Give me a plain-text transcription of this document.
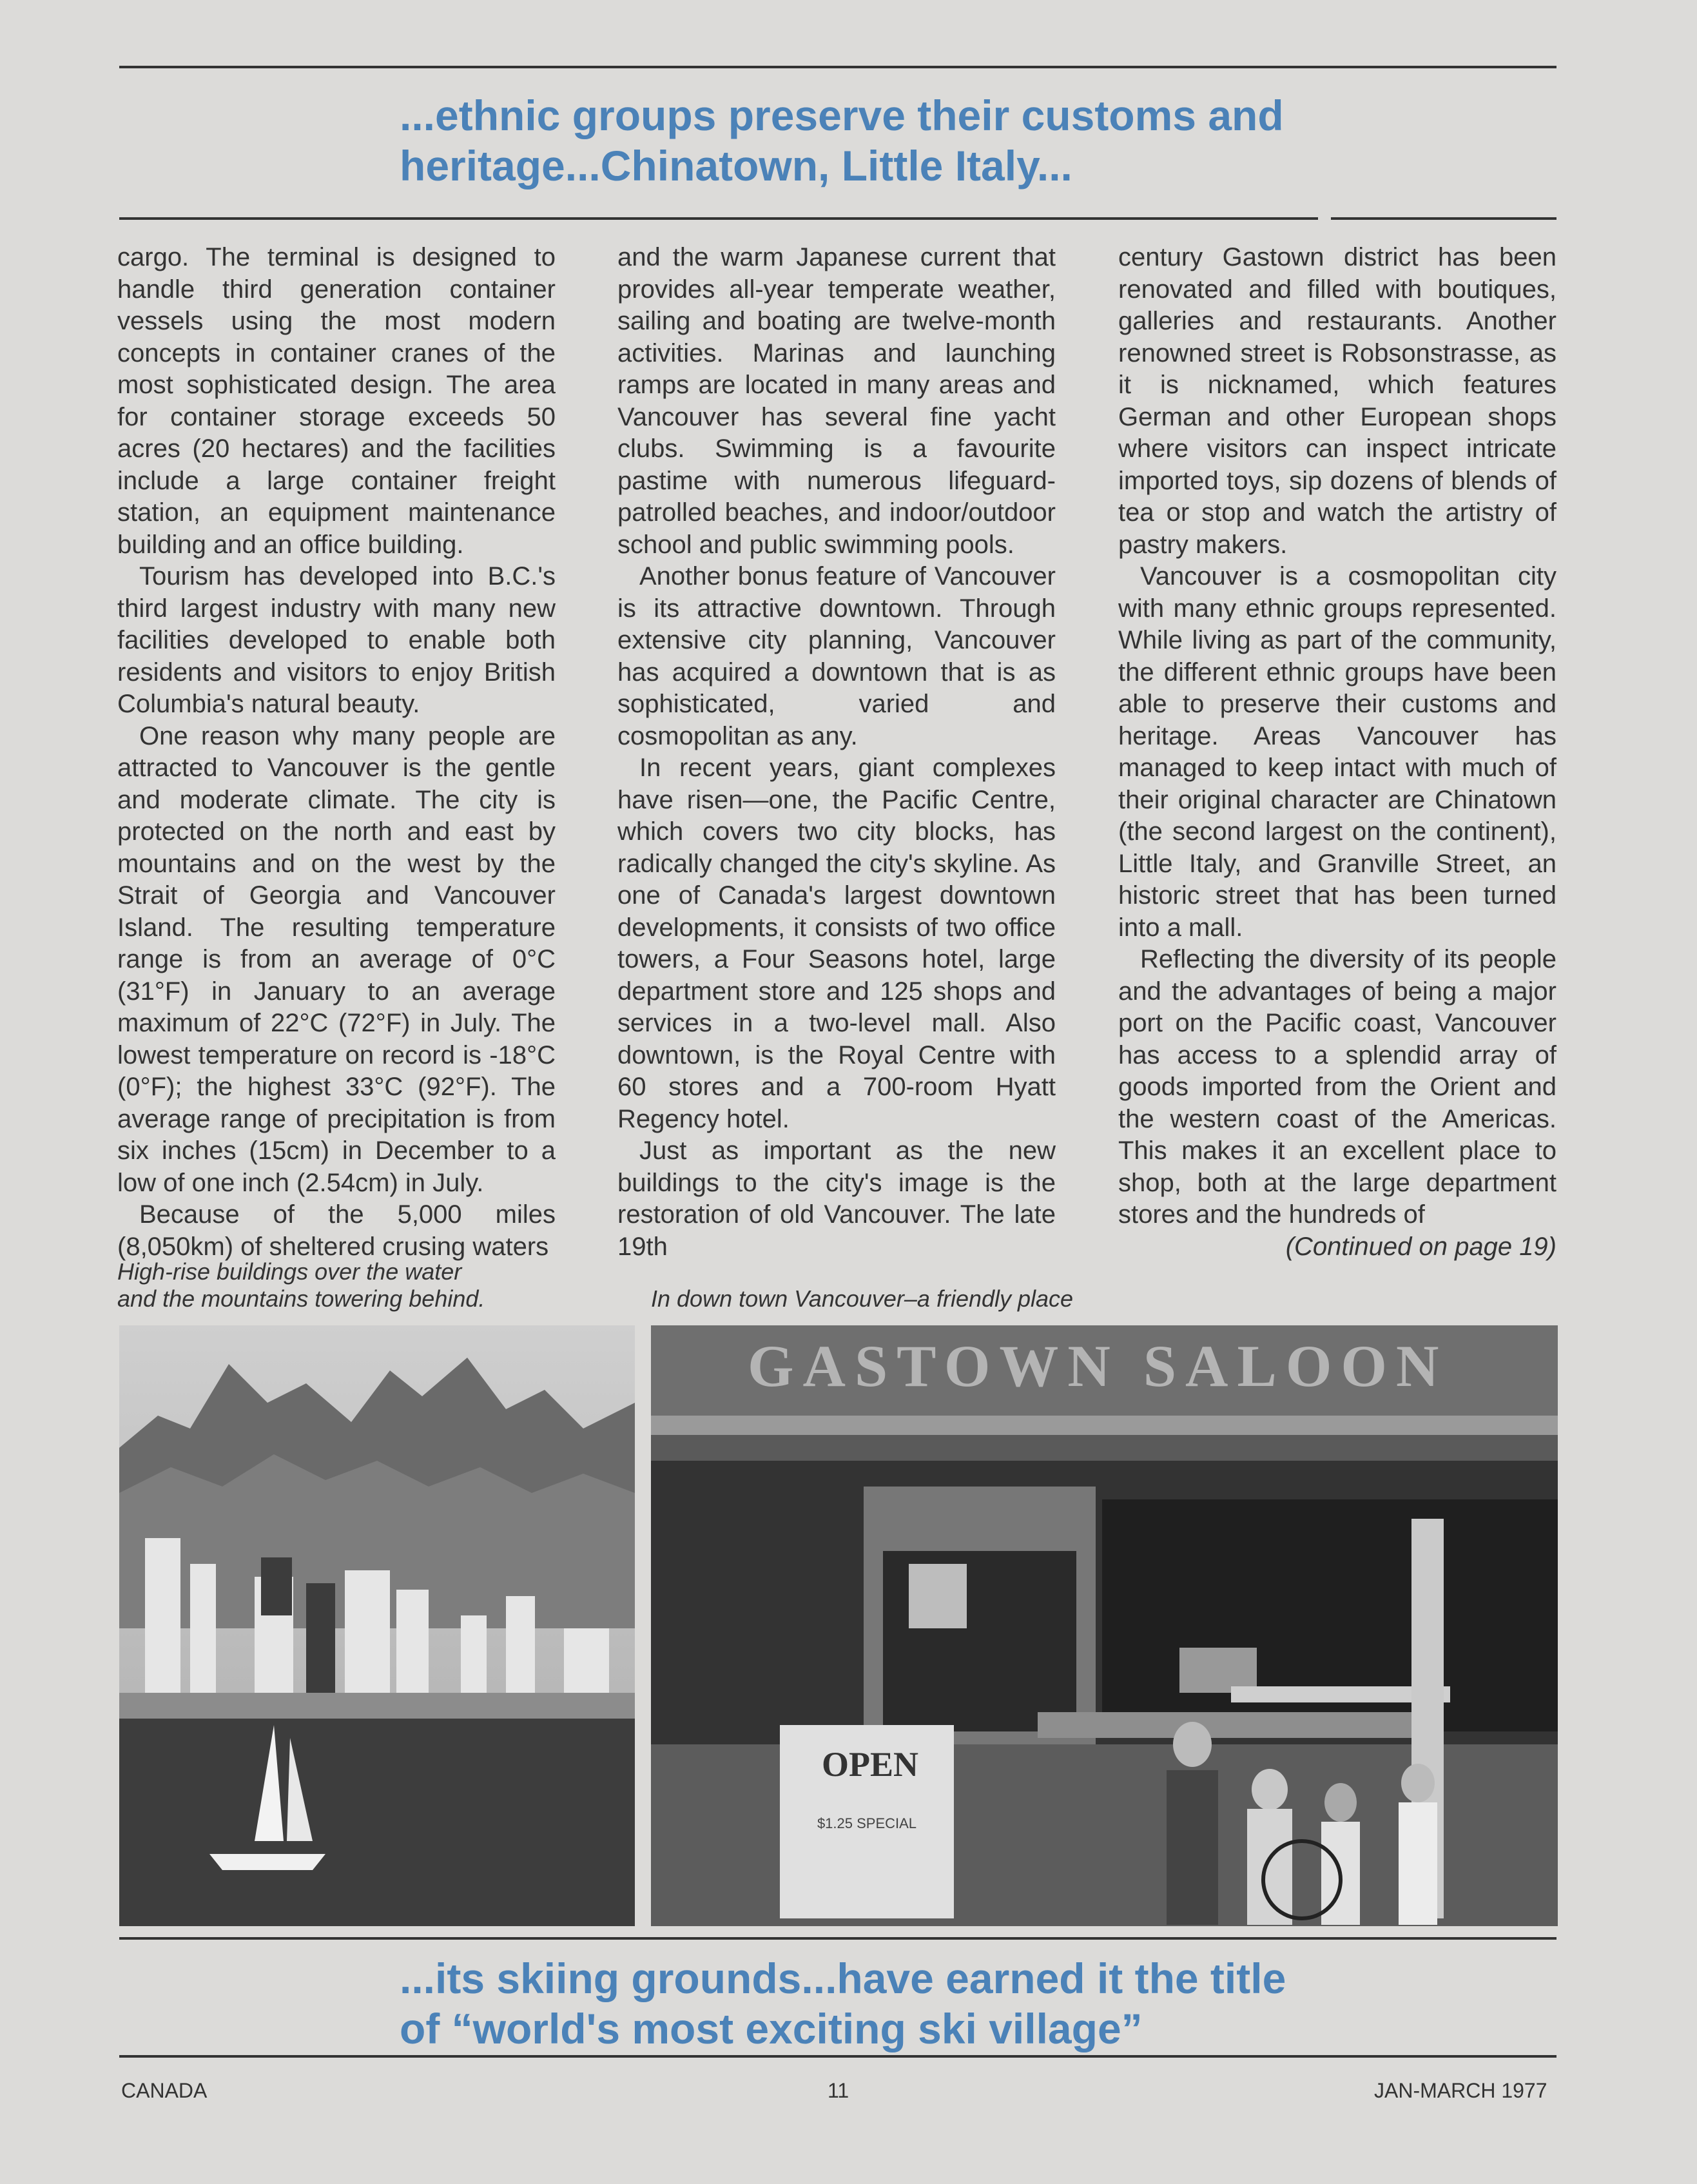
...ethnic groups preserve their customs and
heritage...Chinatown, Little Italy...

cargo. The terminal is designed to handle third generation container vessels using the most modern concepts in container cranes of the most sophisticated design. The area for container storage exceeds 50 acres (20 hectares) and the facilities include a large container freight station, an equipment maintenance building and an office building.

Tourism has developed into B.C.'s third largest industry with many new facilities developed to enable both residents and visitors to enjoy British Columbia's natural beauty.

One reason why many people are attracted to Vancouver is the gentle and moderate climate. The city is protected on the north and east by mountains and on the west by the Strait of Georgia and Vancouver Island. The resulting temperature range is from an average of 0°C (31°F) in January to an average maximum of 22°C (72°F) in July. The lowest temperature on record is -18°C (0°F); the highest 33°C (92°F). The average range of precipitation is from six inches (15cm) in December to a low of one inch (2.54cm) in July.

Because of the 5,000 miles (8,050km) of sheltered crusing waters

and the warm Japanese current that provides all-year temperate weather, sailing and boating are twelve-month activities. Marinas and launching ramps are located in many areas and Vancouver has several fine yacht clubs. Swimming is a favourite pastime with numerous lifeguard-patrolled beaches, and indoor/outdoor school and public swimming pools.

Another bonus feature of Vancouver is its attractive downtown. Through extensive city planning, Vancouver has acquired a downtown that is as sophisticated, varied and cosmopolitan as any.

In recent years, giant complexes have risen—one, the Pacific Centre, which covers two city blocks, has radically changed the city's skyline. As one of Canada's largest downtown developments, it consists of two office towers, a Four Seasons hotel, large department store and 125 shops and services in a two-level mall. Also downtown, is the Royal Centre with 60 stores and a 700-room Hyatt Regency hotel.

Just as important as the new buildings to the city's image is the restoration of old Vancouver. The late 19th

century Gastown district has been renovated and filled with boutiques, galleries and restaurants. Another renowned street is Robsonstrasse, as it is nicknamed, which features German and other European shops where visitors can inspect intricate imported toys, sip dozens of blends of tea or stop and watch the artistry of pastry makers.

Vancouver is a cosmopolitan city with many ethnic groups represented. While living as part of the community, the different ethnic groups have been able to preserve their customs and heritage. Areas Vancouver has managed to keep intact with much of their original character are Chinatown (the second largest on the continent), Little Italy, and Granville Street, an historic street that has been turned into a mall.

Reflecting the diversity of its people and the advantages of being a major port on the Pacific coast, Vancouver has access to a splendid array of goods imported from the Orient and the western coast of the Americas. This makes it an excellent place to shop, both at the large department stores and the hundreds of

(Continued on page 19)

High-rise buildings over the water
and the mountains towering behind.	In down town Vancouver–a friendly place
GASTOWN SALOON
OPEN
$1.25 SPECIAL
...its skiing grounds...have earned it the title
of “world's most exciting ski village”
CANADA	11	JAN-MARCH 1977
